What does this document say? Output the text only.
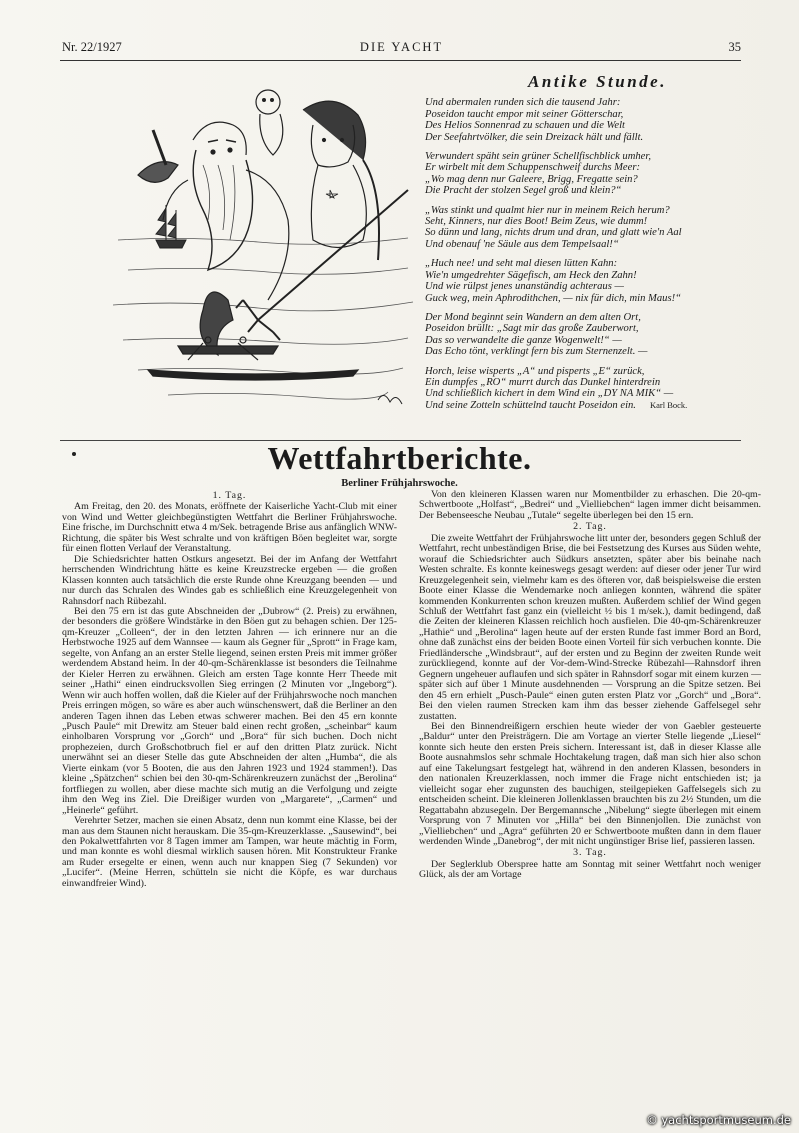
Nr. 22/1927	DIE YACHT	35
Antike Stunde.
Und abermalen runden sich die tausend Jahr:
Poseidon taucht empor mit seiner Götterschar,
Des Helios Sonnenrad zu schauen und die Welt
Der Seefahrtvölker, die sein Dreizack hält und fällt.
Verwundert späht sein grüner Schellfischblick umher,
Er wirbelt mit dem Schuppenschweif durchs Meer:
„Wo mag denn nur Galeere, Brigg, Fregatte sein?
Die Pracht der stolzen Segel groß und klein?“
„Was stinkt und qualmt hier nur in meinem Reich herum?
Seht, Kinners, nur dies Boot! Beim Zeus, wie dumm!
So dünn und lang, nichts drum und dran, und glatt wie'n Aal
Und obenauf 'ne Säule aus dem Tempelsaal!“
„Huch nee! und seht mal diesen lütten Kahn:
Wie'n umgedrehter Sägefisch, am Heck den Zahn!
Und wie rülpst jenes unanständig achteraus —
Guck weg, mein Aphrodithchen, — nix für dich, min Maus!“
Der Mond beginnt sein Wandern an dem alten Ort,
Poseidon brüllt: „Sagt mir das große Zauberwort,
Das so verwandelte die ganze Wogenwelt!“ —
Das Echo tönt, verklingt fern bis zum Sternenzelt. —
Horch, leise wisperts „A“ und pisperts „E“ zurück,
Ein dumpfes „RO“ murrt durch das Dunkel hinterdrein
Und schließlich kichert in dem Wind ein „DY NA MIK“ —
Und seine Zotteln schüttelnd taucht Poseidon ein. Karl Bock.
Wettfahrtberichte.
Berliner Frühjahrswoche.

1. Tag.

Am Freitag, den 20. des Monats, eröffnete der Kaiserliche Yacht-Club mit einer von Wind und Wetter gleichbegünstigten Wettfahrt die Berliner Frühjahrswoche. Eine frische, im Durchschnitt etwa 4 m/Sek. betragende Brise aus anfänglich WNW-Richtung, die später bis West schralte und von kräftigen Böen begleitet war, sorgte für einen flotten Verlauf der Veranstaltung.

Die Schiedsrichter hatten Ostkurs angesetzt. Bei der im Anfang der Wettfahrt herrschenden Windrichtung hätte es keine Kreuzstrecke ergeben — die großen Klassen konnten auch tatsächlich die erste Runde ohne Kreuzgang beenden — und nur durch das Schralen des Windes gab es schließlich eine Kreuzgelegenheit von Rahnsdorf nach Rübezahl.

Bei den 75 ern ist das gute Abschneiden der „Dubrow“ (2. Preis) zu erwähnen, der besonders die größere Windstärke in den Böen gut zu behagen schien. Der 125-qm-Kreuzer „Colleen“, der in den letzten Jahren — ich erinnere nur an die Herbstwoche 1925 auf dem Wannsee — kaum als Gegner für „Sprott“ in Frage kam, segelte, von Anfang an an erster Stelle liegend, seinen ersten Preis mit immer größer werdendem Abstand heim. In der 40-qm-Schärenklasse ist besonders die Teilnahme der Kieler Herren zu erwähnen. Gleich am ersten Tage konnte Herr Theede mit seiner „Hathi“ einen eindrucksvollen Sieg erringen (2 Minuten vor „Ingeborg“). Wenn wir auch hoffen wollen, daß die Kieler auf der Frühjahrswoche noch manchen Preis erringen mögen, so wäre es aber auch wünschenswert, daß die Berliner an den anderen Tagen ihnen das Leben etwas schwerer machen. Bei den 45 ern konnte „Pusch Paule“ mit Drewitz am Steuer bald einen recht großen, „scheinbar“ kaum einholbaren Vorsprung vor „Gorch“ und „Bora“ für sich buchen. Doch nicht prophezeien, durch Großschotbruch fiel er auf den dritten Platz zurück. Nicht unerwähnt sei an dieser Stelle das gute Abschneiden der alten „Humba“, die als Vierte einkam (vor 5 Booten, die aus den Jahren 1923 und 1924 stammen!). Das kleine „Spätzchen“ schien bei den 30-qm-Schärenkreuzern zunächst der „Berolina“ fortfliegen zu wollen, aber diese machte sich mutig an die Verfolgung und zeigte ihm den Weg ins Ziel. Die Dreißiger wurden von „Margarete“, „Carmen“ und „Heinerle“ geführt.

Verehrter Setzer, machen sie einen Absatz, denn nun kommt eine Klasse, bei der man aus dem Staunen nicht herauskam. Die 35-qm-Kreuzerklasse. „Sausewind“, bei den Pokalwettfahrten vor 8 Tagen immer am Tampen, war heute mächtig in Form, und man konnte es wohl diesmal wirklich sausen hören. Mit Konstrukteur Franke am Ruder ersegelte er einen, wenn auch nur knappen Sieg (7 Sekunden) vor „Lucifer“. (Meine Herren, schütteln sie nicht die Köpfe, es war durchaus einwandfreier Wind).

Von den kleineren Klassen waren nur Momentbilder zu erhaschen. Die 20-qm-Schwertboote „Holfast“, „Bedrei“ und „Vielliebchen“ lagen immer dicht beisammen. Der Bebenseesche Neubau „Tutale“ segelte überlegen bei den 15 ern.

2. Tag.

Die zweite Wettfahrt der Frühjahrswoche litt unter der, besonders gegen Schluß der Wettfahrt, recht unbeständigen Brise, die bei Festsetzung des Kurses aus Süden wehte, worauf die Schiedsrichter auch Südkurs ansetzten, später aber bis beinahe nach Westen schralte. Es konnte keineswegs gesagt werden: auf dieser oder jener Tur wird Kreuzgelegenheit sein, vielmehr kam es des öfteren vor, daß beispielsweise die ersten Boote einer Klasse die Wendemarke noch anliegen konnten, während die später kommenden Konkurrenten schon kreuzen mußten. Außerdem schlief der Wind gegen Schluß der Wettfahrt fast ganz ein (vielleicht ½ bis 1 m/sek.), damit bedingend, daß die Zeiten der kleineren Klassen reichlich hoch ausfielen. Die 40-qm-Schärenkreuzer „Hathie“ und „Berolina“ lagen heute auf der ersten Runde fast immer Bord an Bord, ohne daß zunächst eins der beiden Boote einen Vorteil für sich verbuchen konnte. Die Friedländersche „Windsbraut“, auf der ersten und zu Beginn der zweiten Runde weit zurückliegend, konnte auf der Vor-dem-Wind-Strecke Rübezahl—Rahnsdorf ihren Gegnern ungeheuer auflaufen und sich später in Rahnsdorf sogar mit einem kurzen — später sich auf über 1 Minute ausdehnenden — Vorsprung an die Spitze setzen. Bei den 45 ern erhielt „Pusch-Paule“ einen guten ersten Platz vor „Gorch“ und „Bora“. Bei den vielen raumen Strecken kam ihm das besser ziehende Gaffelsegel sehr zustatten.

Bei den Binnendreißigern erschien heute wieder der von Gaebler gesteuerte „Baldur“ unter den Preisträgern. Die am Vortage an vierter Stelle liegende „Liesel“ konnte sich heute den ersten Preis sichern. Interessant ist, daß in dieser Klasse alle Boote ausnahmslos sehr schmale Hochtakelung tragen, daß man sich hier also schon auf eine Takelungsart festgelegt hat, während in den anderen Klassen, besonders in den nationalen Kreuzerklassen, noch immer die Frage nicht entschieden ist; ja vielleicht sogar eher zugunsten des bauchigen, steilgepieken Gaffelsegels sich zu entscheiden scheint. Die kleineren Jollenklassen brauchten bis zu 2½ Stunden, um die Regattabahn abzusegeln. Der Bergemannsche „Nibelung“ siegte überlegen mit einem Vorsprung von 7 Minuten vor „Hilla“ bei den Binnenjollen. Die zunächst von „Vielliebchen“ und „Agra“ geführten 20 er Schwertboote mußten dann in dem flauer werdenden Winde „Danebrog“, der mit nicht ungünstiger Brise lief, passieren lassen.

3. Tag.

Der Seglerklub Oberspree hatte am Sonntag mit seiner Wettfahrt noch weniger Glück, als der am Vortage

© yachtsportmuseum.de
